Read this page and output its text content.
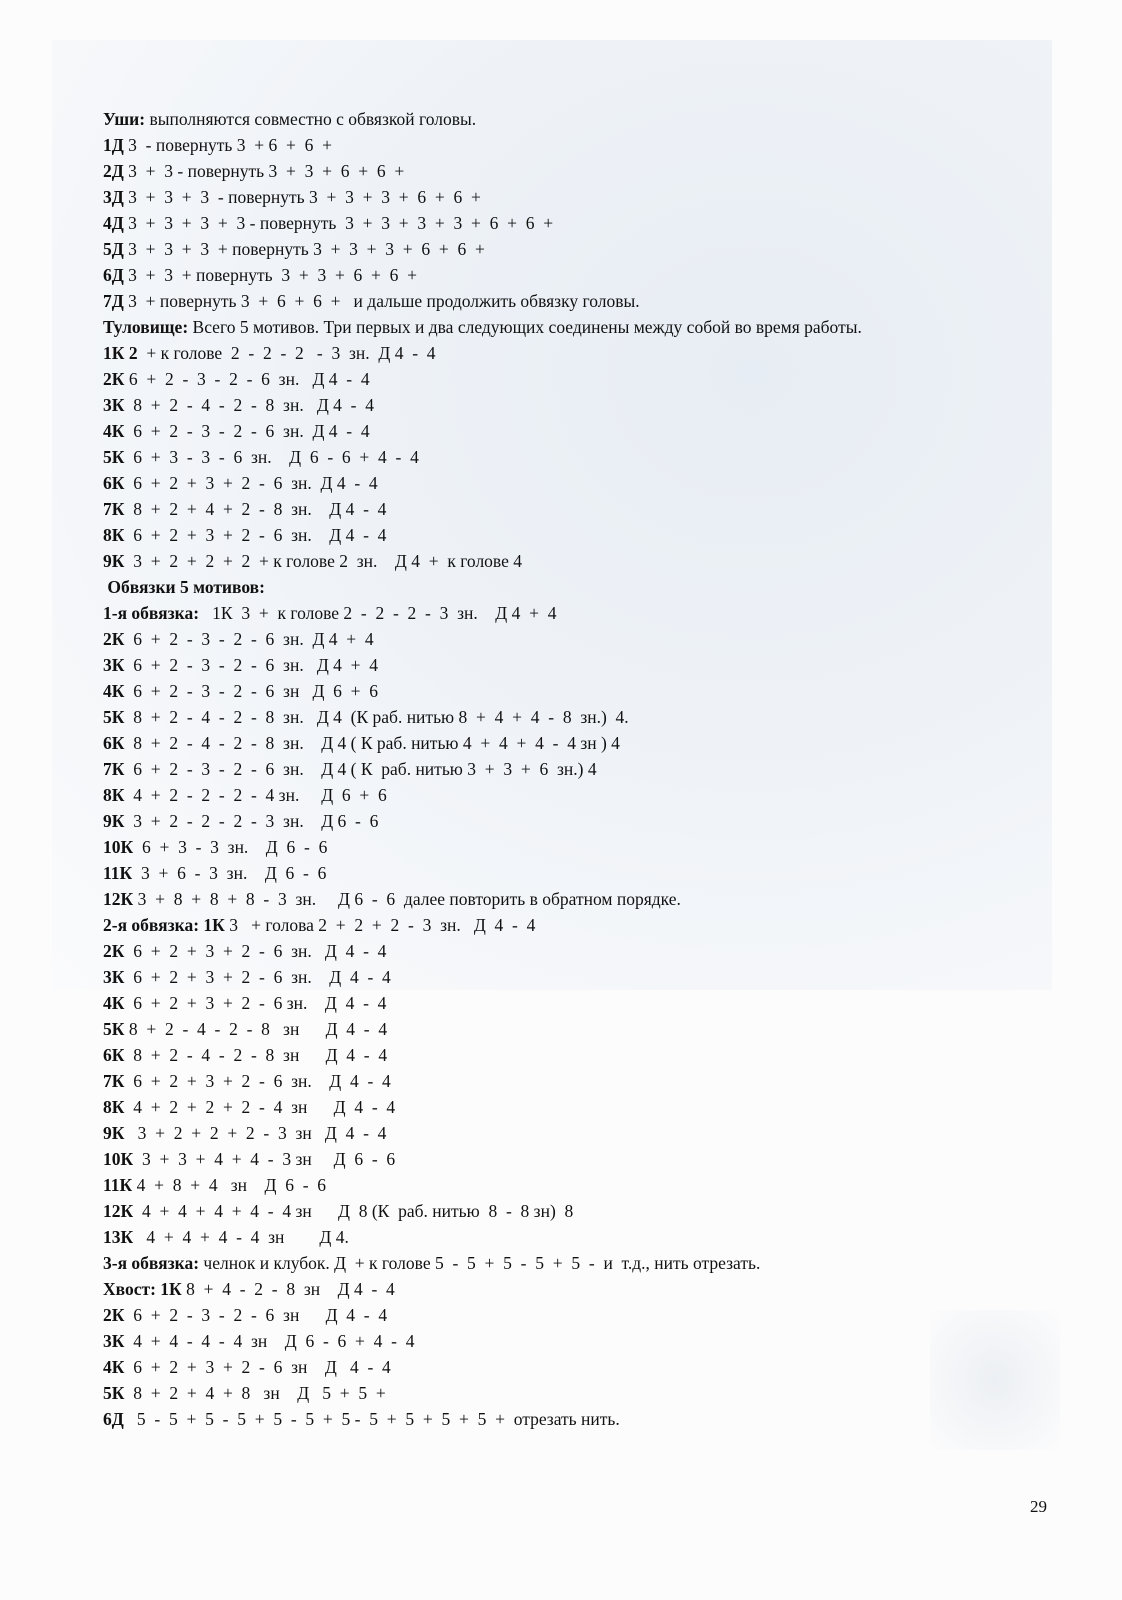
Уши: выполняются совместно с обвязкой головы.
1Д 3  - повернуть 3  + 6  +  6  +
2Д 3  +  3 - повернуть 3  +  3  +  6  +  6  +
3Д 3  +  3  +  3  - повернуть 3  +  3  +  3  +  6  +  6  +
4Д 3  +  3  +  3  +  3 - повернуть  3  +  3  +  3  +  3  +  6  +  6  +
5Д 3  +  3  +  3  + повернуть 3  +  3  +  3  +  6  +  6  +
6Д 3  +  3  + повернуть  3  +  3  +  6  +  6  +
7Д 3  + повернуть 3  +  6  +  6  +   и дальше продолжить обвязку головы.
Туловище: Всего 5 мотивов. Три первых и два следующих соединены между собой во время работы.
1К 2  + к голове  2  -  2  -  2   -  3  зн.  Д 4  -  4
2К 6  +  2  -  3  -  2  -  6  зн.   Д 4  -  4
3К  8  +  2  -  4  -  2  -  8  зн.   Д 4  -  4
4К  6  +  2  -  3  -  2  -  6  зн.  Д 4  -  4
5К  6  +  3  -  3  -  6  зн.    Д  6  -  6  +  4  -  4
6К  6  +  2  +  3  +  2  -  6  зн.  Д 4  -  4
7К  8  +  2  +  4  +  2  -  8  зн.    Д 4  -  4
8К  6  +  2  +  3  +  2  -  6  зн.    Д 4  -  4
9К  3  +  2  +  2  +  2  + к голове 2  зн.    Д 4  +  к голове 4
Обвязки 5 мотивов:
1-я обвязка:   1К  3  +  к голове 2  -  2  -  2  -  3  зн.    Д 4  +  4
2К  6  +  2  -  3  -  2  -  6  зн.  Д 4  +  4
3К  6  +  2  -  3  -  2  -  6  зн.   Д 4  +  4
4К  6  +  2  -  3  -  2  -  6  зн   Д  6  +  6
5К  8  +  2  -  4  -  2  -  8  зн.   Д 4  (К раб. нитью 8  +  4  +  4  -  8  зн.)  4.
6К  8  +  2  -  4  -  2  -  8  зн.    Д 4 ( К раб. нитью 4  +  4  +  4  -  4 зн ) 4
7К  6  +  2  -  3  -  2  -  6  зн.    Д 4 ( К  раб. нитью 3  +  3  +  6  зн.) 4
8К  4  +  2  -  2  -  2  -  4 зн.     Д  6  +  6
9К  3  +  2  -  2  -  2  -  3  зн.    Д 6  -  6
10К  6  +  3  -  3  зн.    Д  6  -  6
11К  3  +  6  -  3  зн.    Д  6  -  6
12К 3  +  8  +  8  +  8  -  3  зн.     Д 6  -  6  далее повторить в обратном порядке.
2-я обвязка: 1К 3   + голова 2  +  2  +  2  -  3  зн.   Д  4  -  4
2К  6  +  2  +  3  +  2  -  6  зн.   Д  4  -  4
3К  6  +  2  +  3  +  2  -  6  зн.    Д  4  -  4
4К  6  +  2  +  3  +  2  -  6 зн.    Д  4  -  4
5К 8  +  2  -  4  -  2  -  8   зн      Д  4  -  4
6К  8  +  2  -  4  -  2  -  8  зн      Д  4  -  4
7К  6  +  2  +  3  +  2  -  6  зн.    Д  4  -  4
8К  4  +  2  +  2  +  2  -  4  зн      Д  4  -  4
9К   3  +  2  +  2  +  2  -  3  зн   Д  4  -  4
10К  3  +  3  +  4  +  4  -  3 зн     Д  6  -  6
11К 4  +  8  +  4   зн    Д  6  -  6
12К  4  +  4  +  4  +  4  -  4 зн      Д  8 (К  раб. нитью  8  -  8 зн)  8
13К   4  +  4  +  4  -  4  зн        Д 4.
3-я обвязка: челнок и клубок. Д  + к голове 5  -  5  +  5  -  5  +  5  -  и  т.д., нить отрезать.
Хвост: 1К 8  +  4  -  2  -  8  зн    Д 4  -  4
2К  6  +  2  -  3  -  2  -  6  зн      Д  4  -  4
3К  4  +  4  -  4  -  4  зн    Д  6  -  6  +  4  -  4
4К  6  +  2  +  3  +  2  -  6  зн    Д   4  -  4
5К  8  +  2  +  4  +  8   зн    Д   5  +  5  +
6Д   5  -  5  +  5  -  5  +  5  -  5  +  5 -  5  +  5  +  5  +  5  +  отрезать нить.
29
